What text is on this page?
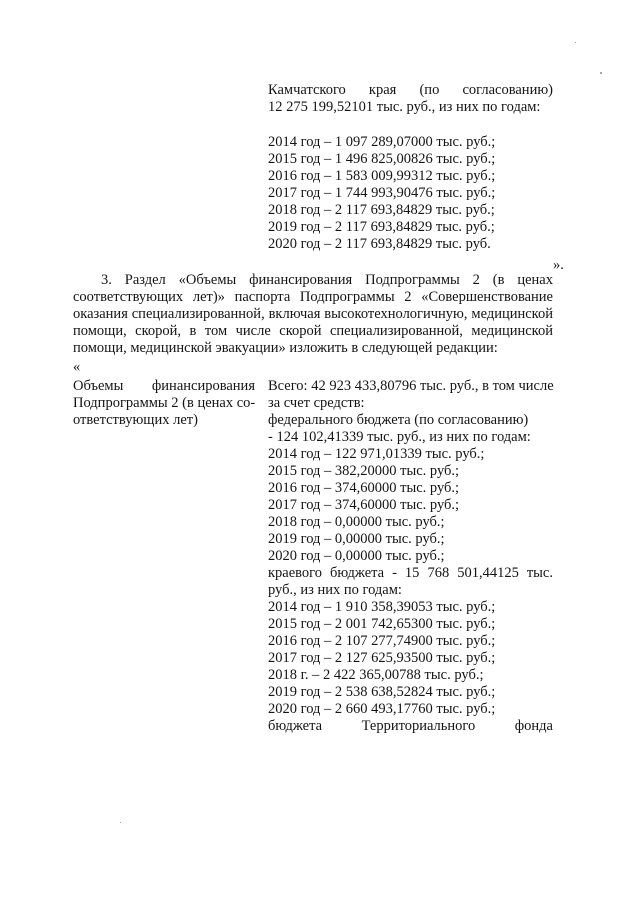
Камчатского края (по согласованию)
12 275 199,52101 тыс. руб., из них по годам:
2014 год – 1 097 289,07000 тыс. руб.;
2015 год – 1 496 825,00826 тыс. руб.;
2016 год – 1 583 009,99312 тыс. руб.;
2017 год – 1 744 993,90476 тыс. руб.;
2018 год – 2 117 693,84829 тыс. руб.;
2019 год – 2 117 693,84829 тыс. руб.;
2020 год – 2 117 693,84829 тыс. руб.
».
3. Раздел «Объемы финансирования Подпрограммы 2 (в ценах
соответствующих лет)» паспорта Подпрограммы 2 «Совершенствование
оказания специализированной, включая высокотехнологичную, медицинской
помощи, скорой, в том числе скорой специализированной, медицинской
помощи, медицинской эвакуации» изложить в следующей редакции:
«
Объемы финансирования
Подпрограммы 2 (в ценах со-
ответствующих лет)
Всего: 42 923 433,80796 тыс. руб., в том числе
за счет средств:
федерального бюджета (по согласованию)
- 124 102,41339 тыс. руб., из них по годам:
2014 год – 122 971,01339 тыс. руб.;
2015 год – 382,20000 тыс. руб.;
2016 год – 374,60000 тыс. руб.;
2017 год – 374,60000 тыс. руб.;
2018 год – 0,00000 тыс. руб.;
2019 год – 0,00000 тыс. руб.;
2020 год – 0,00000 тыс. руб.;
краевого бюджета - 15 768 501,44125 тыс.
руб., из них по годам:
2014 год – 1 910 358,39053 тыс. руб.;
2015 год – 2 001 742,65300 тыс. руб.;
2016 год – 2 107 277,74900 тыс. руб.;
2017 год – 2 127 625,93500 тыс. руб.;
2018 г. – 2 422 365,00788 тыс. руб.;
2019 год – 2 538 638,52824 тыс. руб.;
2020 год – 2 660 493,17760 тыс. руб.;
бюджета Территориального фонда
